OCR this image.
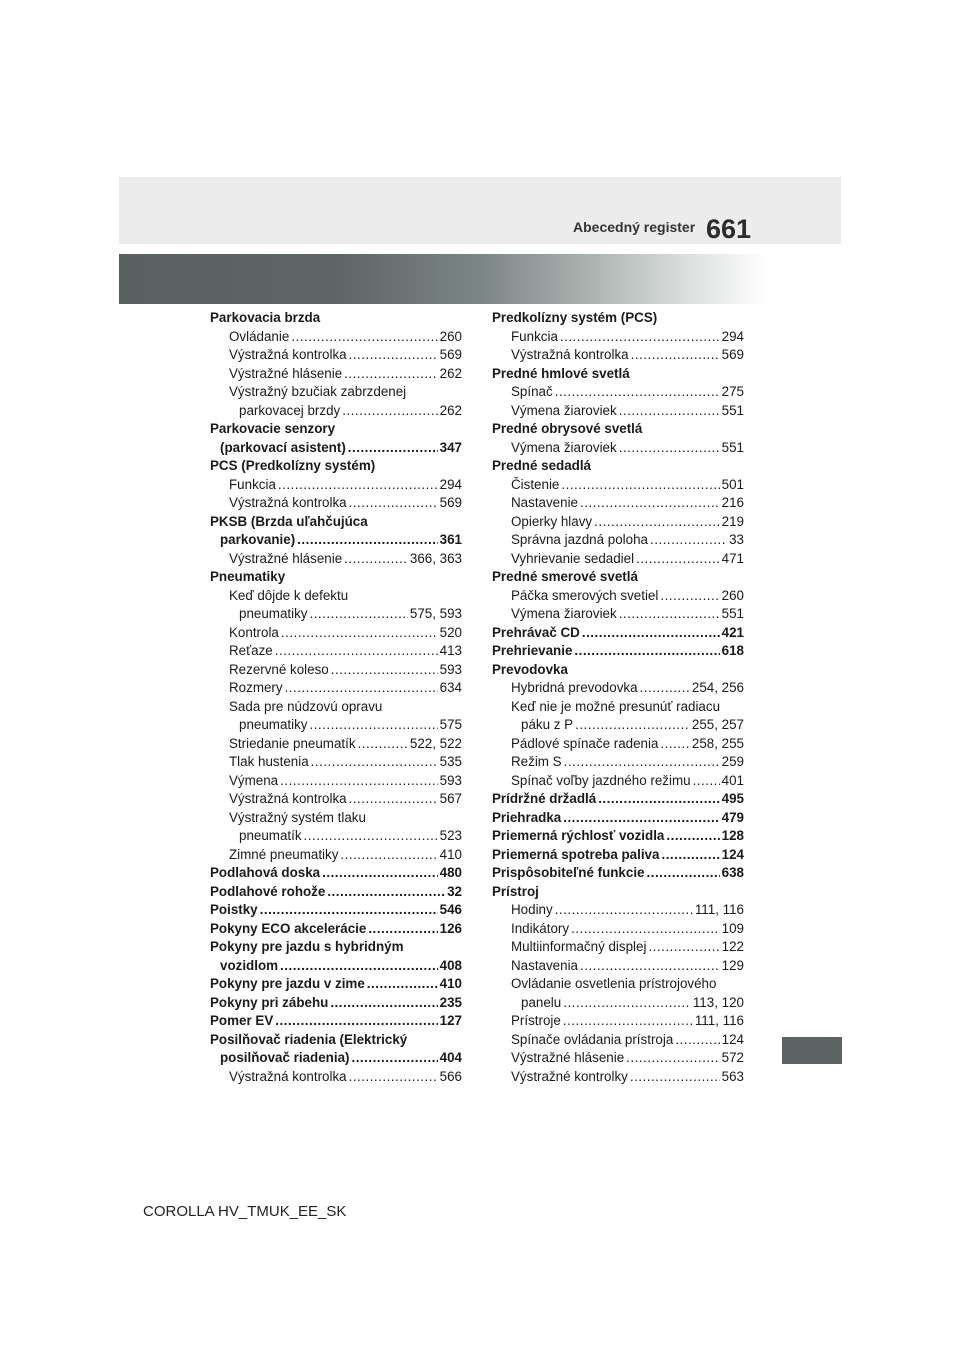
Abecedný register 661
Parkovacia brzda
Ovládanie .....	260
Výstražná kontrolka .....	569
Výstražné hlásenie .....	262
Výstražný bzučiak zabrzdenej
parkovacej brzdy .....	262
Parkovacie senzory
(parkovací asistent) .....	347
PCS (Predkolízny systém)
Funkcia .....	294
Výstražná kontrolka .....	569
PKSB (Brzda uľahčujúca
parkovanie) .....	361
Výstražné hlásenie .....	366, 363
Pneumatiky
Keď dôjde k defektu
pneumatiky .....	575, 593
Kontrola .....	520
Reťaze .....	413
Rezervné koleso .....	593
Rozmery .....	634
Sada pre núdzovú opravu
pneumatiky .....	575
Striedanie pneumatík .....	522, 522
Tlak hustenia .....	535
Výmena .....	593
Výstražná kontrolka .....	567
Výstražný systém tlaku
pneumatík .....	523
Zimné pneumatiky .....	410
Podlahová doska .....	480
Podlahové rohože .....	32
Poistky .....	546
Pokyny ECO akcelerácie .....	126
Pokyny pre jazdu s hybridným
vozidlom .....	408
Pokyny pre jazdu v zime .....	410
Pokyny pri zábehu .....	235
Pomer EV .....	127
Posilňovač riadenia (Elektrický
posilňovač riadenia) .....	404
Výstražná kontrolka .....	566
Predkolízny systém (PCS)
Funkcia .....	294
Výstražná kontrolka .....	569
Predné hmlové svetlá
Spínač .....	275
Výmena žiaroviek .....	551
Predné obrysové svetlá
Výmena žiaroviek .....	551
Predné sedadlá
Čistenie .....	501
Nastavenie .....	216
Opierky hlavy .....	219
Správna jazdná poloha .....	33
Vyhrievanie sedadiel .....	471
Predné smerové svetlá
Páčka smerových svetiel .....	260
Výmena žiaroviek .....	551
Prehrávač CD .....	421
Prehrievanie .....	618
Prevodovka
Hybridná prevodovka .....	254, 256
Keď nie je možné presunúť radiacu
páku z P .....	255, 257
Pádlové spínače radenia ..... 258, 255
Režim S .....	259
Spínač voľby jazdného režimu ..... 401
Prídržné držadlá .....	495
Priehradka .....	479
Priemerná rýchlosť vozidla .....	128
Priemerná spotreba paliva .....	124
Prispôsobiteľné funkcie .....	638
Prístroj
Hodiny .....	111, 116
Indikátory .....	109
Multiinformačný displej .....	122
Nastavenia .....	129
Ovládanie osvetlenia prístrojového
panelu .....	113, 120
Prístroje .....	111, 116
Spínače ovládania prístroja .....	124
Výstražné hlásenie .....	572
Výstražné kontrolky .....	563
COROLLA HV_TMUK_EE_SK
